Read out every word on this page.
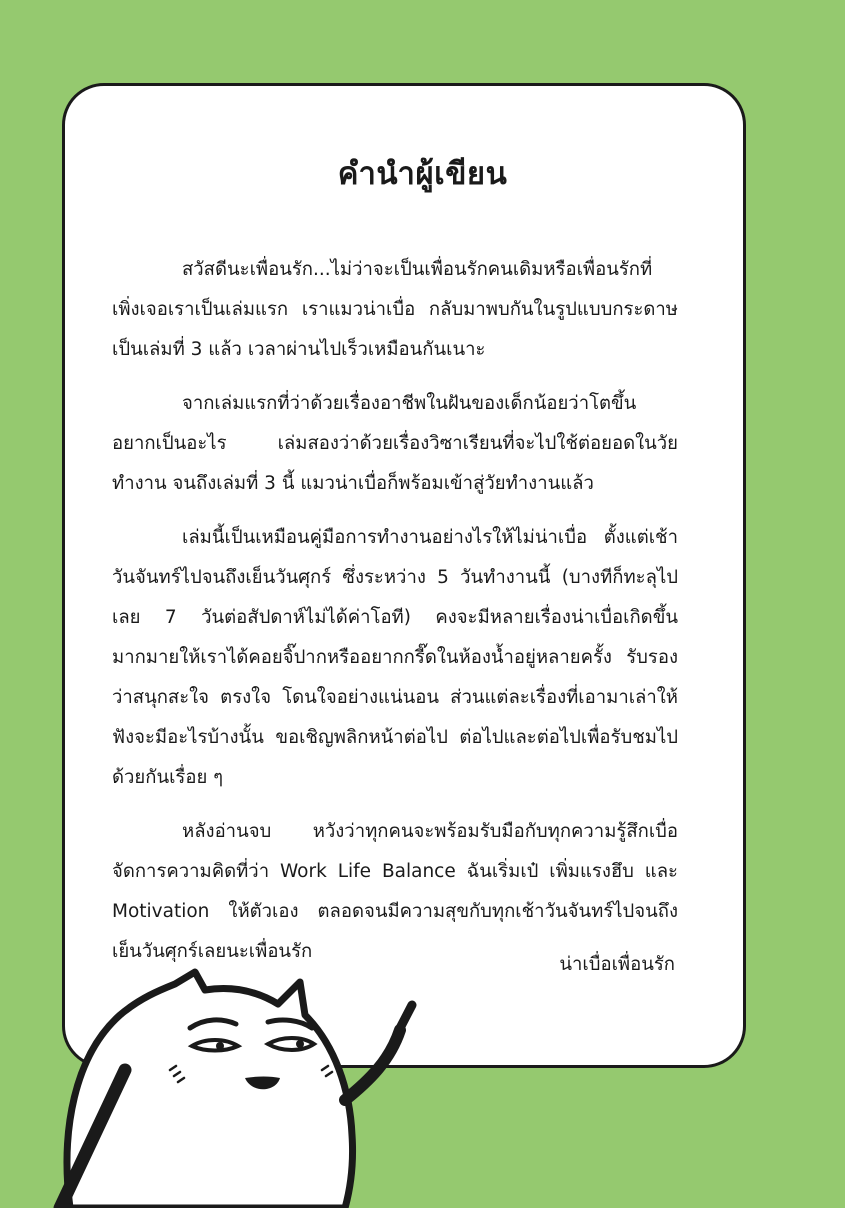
คำนำผู้เขียน

สวัสดีนะเพื่อนรัก...ไม่ว่าจะเป็นเพื่อนรักคนเดิมหรือเพื่อนรักที่เพิ่งเจอเราเป็นเล่มแรก เราแมวน่าเบื่อ กลับมาพบกันในรูปแบบกระดาษเป็นเล่มที่ 3 แล้ว เวลาผ่านไปเร็วเหมือนกันเนาะ

จากเล่มแรกที่ว่าด้วยเรื่องอาชีพในฝันของเด็กน้อยว่าโตขึ้นอยากเป็นอะไร เล่มสองว่าด้วยเรื่องวิซาเรียนที่จะไปใช้ต่อยอดในวัยทำงาน จนถึงเล่มที่ 3 นี้ แมวน่าเบื่อก็พร้อมเข้าสู่วัยทำงานแล้ว

เล่มนี้เป็นเหมือนคู่มือการทำงานอย่างไรให้ไม่น่าเบื่อ ตั้งแต่เช้าวันจันทร์ไปจนถึงเย็นวันศุกร์ ซึ่งระหว่าง 5 วันทำงานนี้ (บางทีก็ทะลุไปเลย 7 วันต่อสัปดาห์ไม่ได้ค่าโอที) คงจะมีหลายเรื่องน่าเบื่อเกิดขึ้นมากมายให้เราได้คอยจิ๊ปากหรืออยากกรี๊ดในห้องน้ำอยู่หลายครั้ง รับรองว่าสนุกสะใจ ตรงใจ โดนใจอย่างแน่นอน ส่วนแต่ละเรื่องที่เอามาเล่าให้ฟังจะมีอะไรบ้างนั้น ขอเชิญพลิกหน้าต่อไป ต่อไปและต่อไปเพื่อรับชมไปด้วยกันเรื่อย ๆ

หลังอ่านจบ หวังว่าทุกคนจะพร้อมรับมือกับทุกความรู้สึกเบื่อ จัดการความคิดที่ว่า Work Life Balance ฉันเริ่มเป๋ เพิ่มแรงฮึบ และ Motivation ให้ตัวเอง ตลอดจนมีความสุขกับทุกเช้าวันจันทร์ไปจนถึงเย็นวันศุกร์เลยนะเพื่อนรัก

น่าเบื่อเพื่อนรัก
